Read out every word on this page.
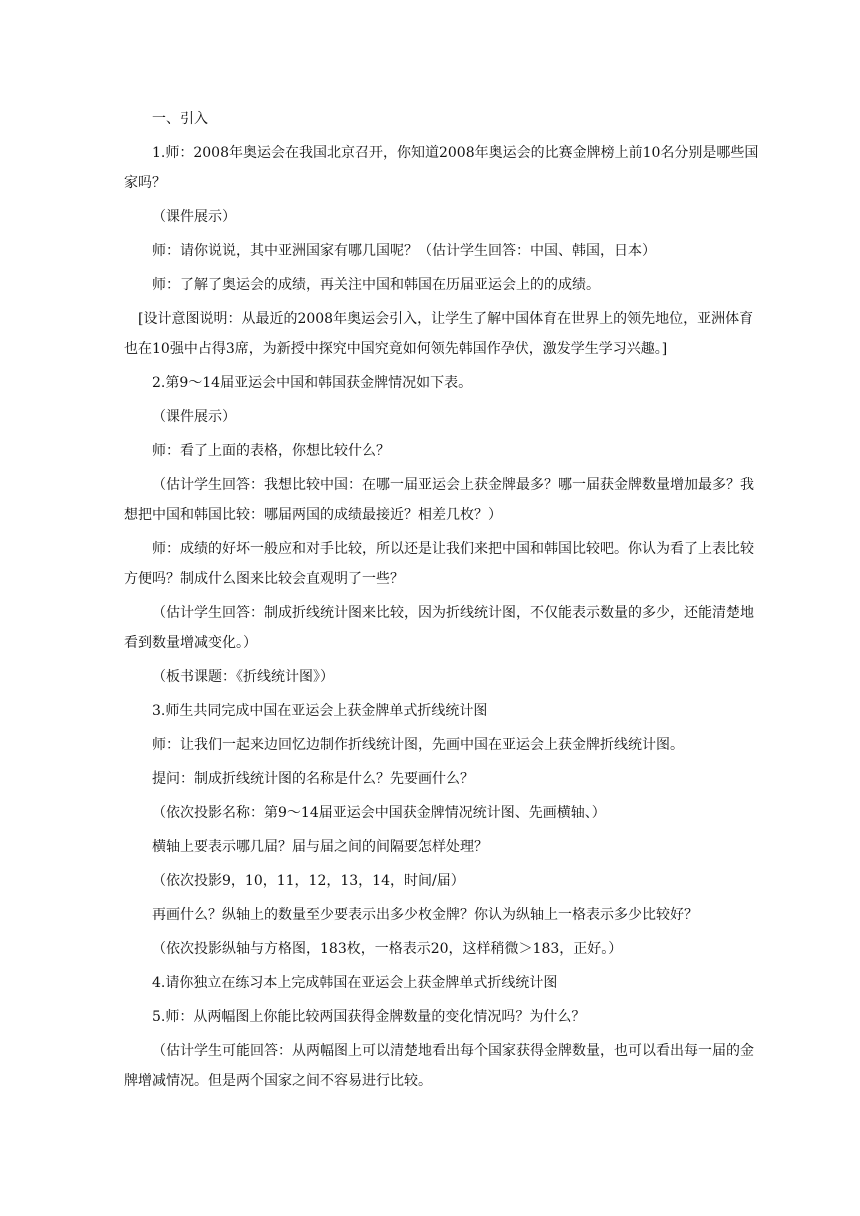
一、引入

1.师：2008年奥运会在我国北京召开，你知道2008年奥运会的比赛金牌榜上前10名分别是哪些国家吗？

（课件展示）

师：请你说说，其中亚洲国家有哪几国呢？（估计学生回答：中国、韩国，日本）

师：了解了奥运会的成绩，再关注中国和韩国在历届亚运会上的的成绩。

[设计意图说明：从最近的2008年奥运会引入，让学生了解中国体育在世界上的领先地位，亚洲体育也在10强中占得3席，为新授中探究中国究竟如何领先韩国作孕伏，激发学生学习兴趣。]

2.第9～14届亚运会中国和韩国获金牌情况如下表。

（课件展示）

师：看了上面的表格，你想比较什么？

（估计学生回答：我想比较中国：在哪一届亚运会上获金牌最多？哪一届获金牌数量增加最多？我想把中国和韩国比较：哪届两国的成绩最接近？相差几枚？）

师：成绩的好坏一般应和对手比较，所以还是让我们来把中国和韩国比较吧。你认为看了上表比较方便吗？制成什么图来比较会直观明了一些？

（估计学生回答：制成折线统计图来比较，因为折线统计图，不仅能表示数量的多少，还能清楚地看到数量增减变化。）

（板书课题：《折线统计图》）

3.师生共同完成中国在亚运会上获金牌单式折线统计图

师：让我们一起来边回忆边制作折线统计图，先画中国在亚运会上获金牌折线统计图。

提问：制成折线统计图的名称是什么？先要画什么？

（依次投影名称：第9～14届亚运会中国获金牌情况统计图、先画横轴、）

横轴上要表示哪几届？届与届之间的间隔要怎样处理？

（依次投影9，10，11，12，13，14，时间/届）

再画什么？纵轴上的数量至少要表示出多少枚金牌？你认为纵轴上一格表示多少比较好？

（依次投影纵轴与方格图，183枚，一格表示20，这样稍微＞183，正好。）

4.请你独立在练习本上完成韩国在亚运会上获金牌单式折线统计图

5.师：从两幅图上你能比较两国获得金牌数量的变化情况吗？为什么？

（估计学生可能回答：从两幅图上可以清楚地看出每个国家获得金牌数量，也可以看出每一届的金牌增减情况。但是两个国家之间不容易进行比较。
